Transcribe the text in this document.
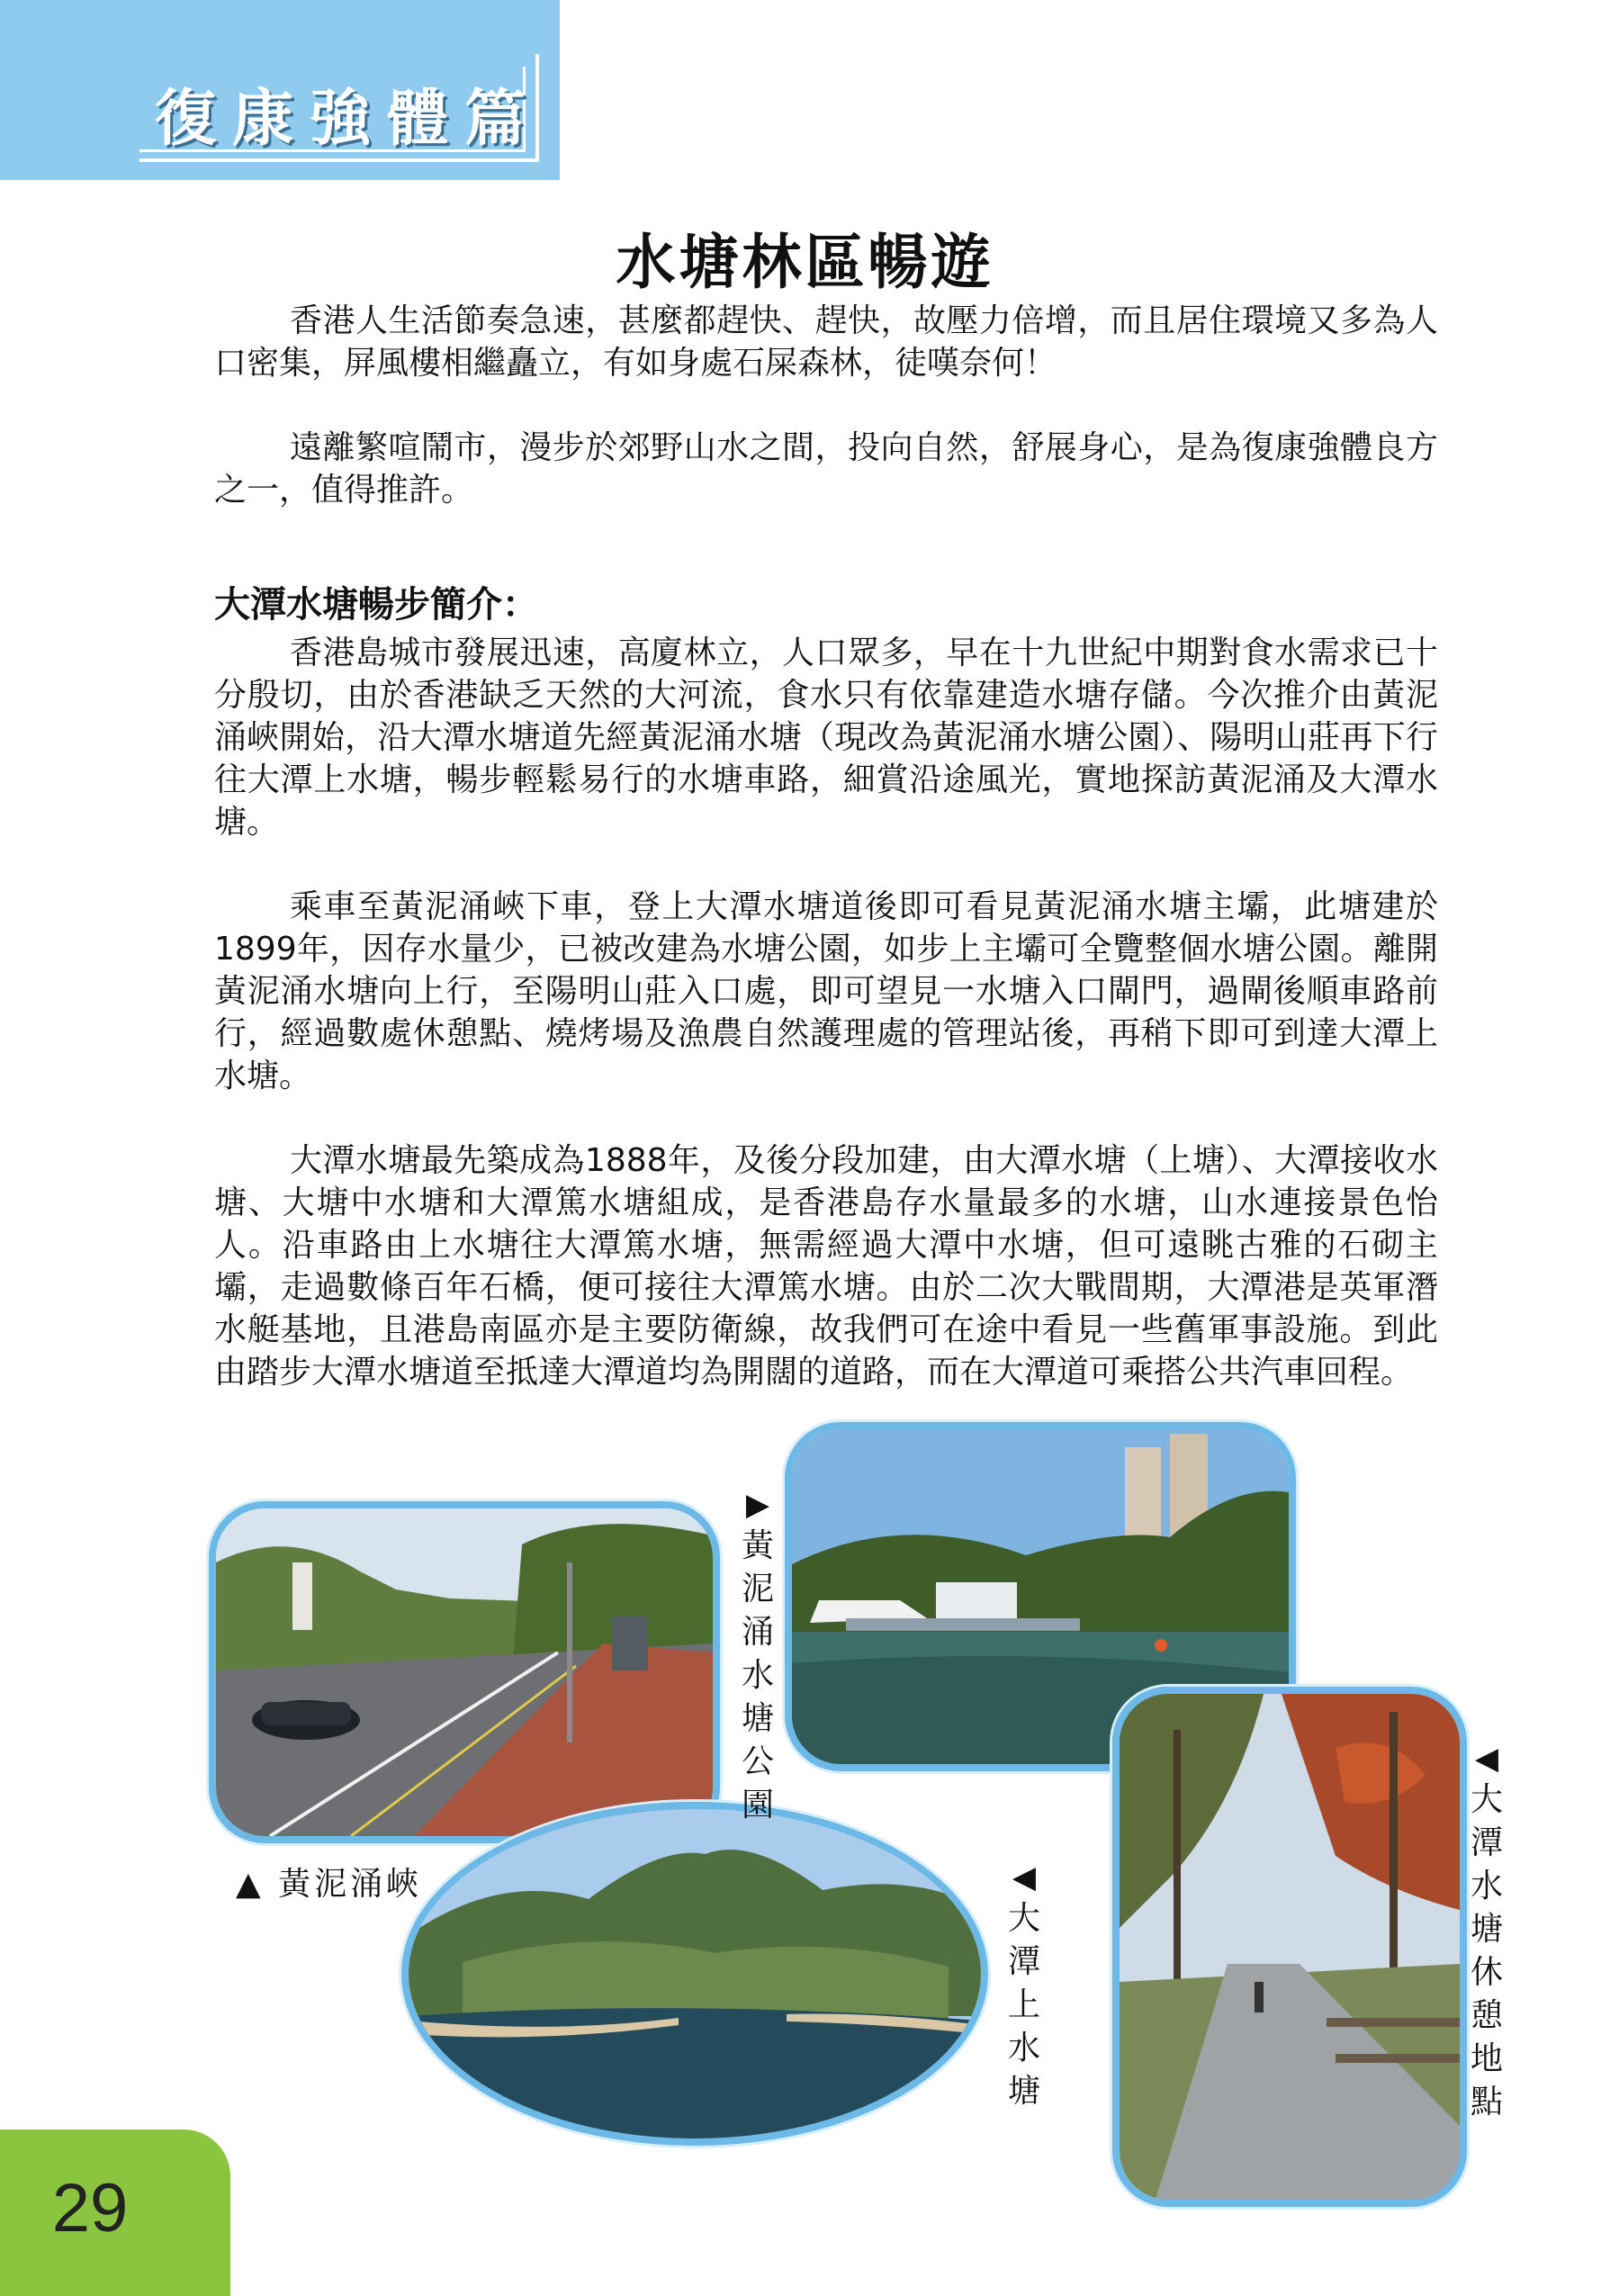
復康強體篇
水塘林區暢遊

香港人生活節奏急速，甚麼都趕快、趕快，故壓力倍增，而且居住環境又多為人口密集，屏風樓相繼矗立，有如身處石屎森林，徒嘆奈何！

遠離繁喧鬧市，漫步於郊野山水之間，投向自然，舒展身心，是為復康強體良方之一，值得推許。

大潭水塘暢步簡介：

香港島城市發展迅速，高廈林立，人口眾多，早在十九世紀中期對食水需求已十分殷切，由於香港缺乏天然的大河流，食水只有依靠建造水塘存儲。今次推介由黃泥涌峽開始，沿大潭水塘道先經黃泥涌水塘（現改為黃泥涌水塘公園）、陽明山莊再下行往大潭上水塘，暢步輕鬆易行的水塘車路，細賞沿途風光，實地探訪黃泥涌及大潭水塘。

乘車至黃泥涌峽下車，登上大潭水塘道後即可看見黃泥涌水塘主壩，此塘建於1899年，因存水量少，已被改建為水塘公園，如步上主壩可全覽整個水塘公園。離開黃泥涌水塘向上行，至陽明山莊入口處，即可望見一水塘入口閘門，過閘後順車路前行，經過數處休憩點、燒烤場及漁農自然護理處的管理站後，再稍下即可到達大潭上水塘。

大潭水塘最先築成為1888年，及後分段加建，由大潭水塘（上塘）、大潭接收水塘、大塘中水塘和大潭篤水塘組成，是香港島存水量最多的水塘，山水連接景色怡人。沿車路由上水塘往大潭篤水塘，無需經過大潭中水塘，但可遠眺古雅的石砌主壩，走過數條百年石橋，便可接往大潭篤水塘。由於二次大戰間期，大潭港是英軍潛水艇基地，且港島南區亦是主要防衛線，故我們可在途中看見一些舊軍事設施。到此由踏步大潭水塘道至抵達大潭道均為開闊的道路，而在大潭道可乘搭公共汽車回程。

▲ 黃泥涌峽
▶
黃泥涌水塘公園
◀
大潭上水塘
◀
大潭水塘休憩地點
29
